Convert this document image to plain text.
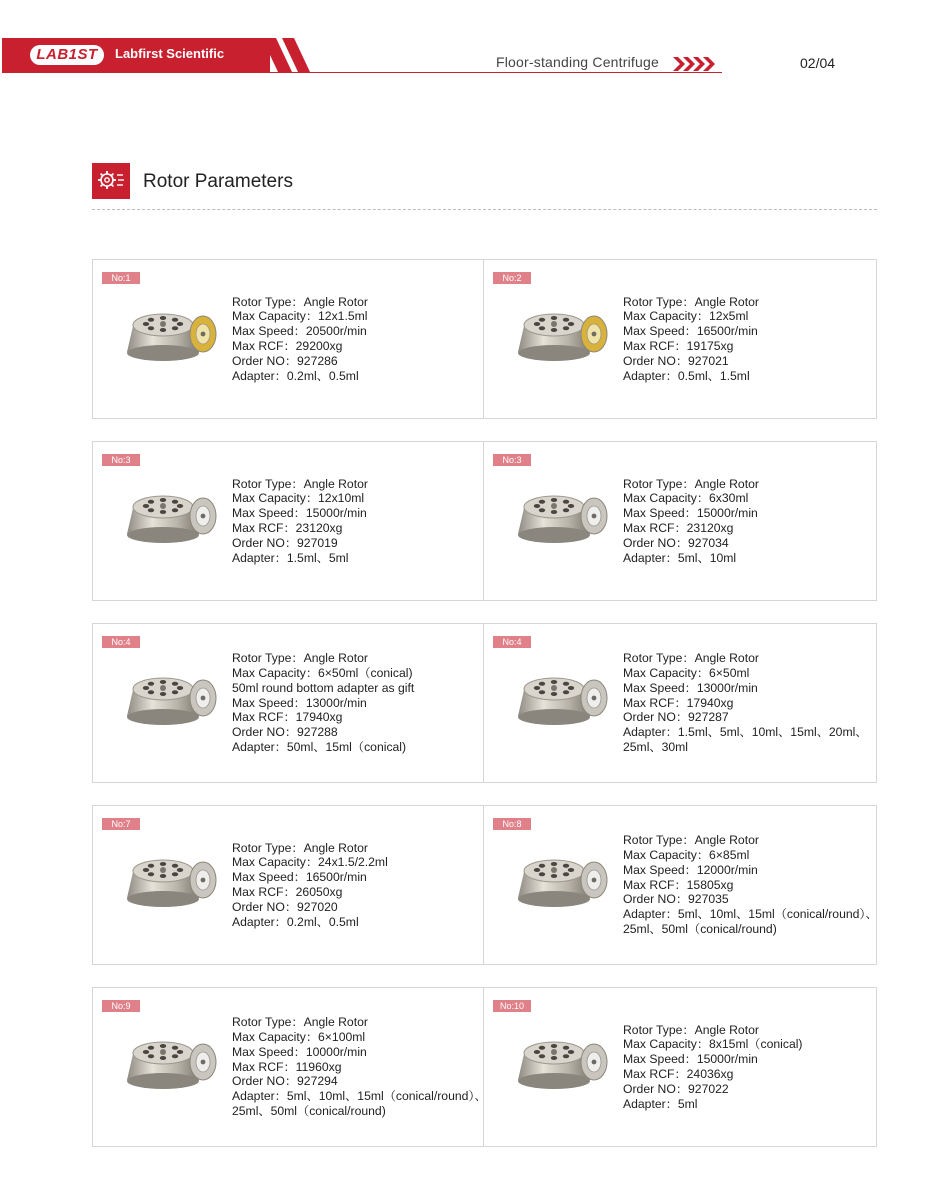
LAB1ST	Labfirst Scientific
Floor-standing Centrifuge	02/04
Rotor Parameters
No:1
Rotor Type：Angle Rotor
Max Capacity：12x1.5ml
Max Speed：20500r/min
Max RCF：29200xg
Order NO：927286
Adapter：0.2ml、0.5ml
No:2
Rotor Type：Angle Rotor
Max Capacity：12x5ml
Max Speed：16500r/min
Max RCF：19175xg
Order NO：927021
Adapter：0.5ml、1.5ml
No:3
Rotor Type：Angle Rotor
Max Capacity：12x10ml
Max Speed：15000r/min
Max RCF：23120xg
Order NO：927019
Adapter：1.5ml、5ml
No:3
Rotor Type：Angle Rotor
Max Capacity：6x30ml
Max Speed：15000r/min
Max RCF：23120xg
Order NO：927034
Adapter：5ml、10ml
No:4
Rotor Type：Angle Rotor
Max Capacity：6×50ml（conical)
50ml round bottom adapter as gift
Max Speed：13000r/min
Max RCF：17940xg
Order NO：927288
Adapter：50ml、15ml（conical)
No:4
Rotor Type：Angle Rotor
Max Capacity：6×50ml
Max Speed：13000r/min
Max RCF：17940xg
Order NO：927287
Adapter：1.5ml、5ml、10ml、15ml、20ml、
25ml、30ml
No:7
Rotor Type：Angle Rotor
Max Capacity：24x1.5/2.2ml
Max Speed：16500r/min
Max RCF：26050xg
Order NO：927020
Adapter：0.2ml、0.5ml
No:8
Rotor Type：Angle Rotor
Max Capacity：6×85ml
Max Speed：12000r/min
Max RCF：15805xg
Order NO：927035
Adapter：5ml、10ml、15ml（conical/round）、
25ml、50ml（conical/round)
No:9
Rotor Type：Angle Rotor
Max Capacity：6×100ml
Max Speed：10000r/min
Max RCF：11960xg
Order NO：927294
Adapter：5ml、10ml、15ml（conical/round）、
25ml、50ml（conical/round)
No:10
Rotor Type：Angle Rotor
Max Capacity：8x15ml（conical)
Max Speed：15000r/min
Max RCF：24036xg
Order NO：927022
Adapter：5ml
